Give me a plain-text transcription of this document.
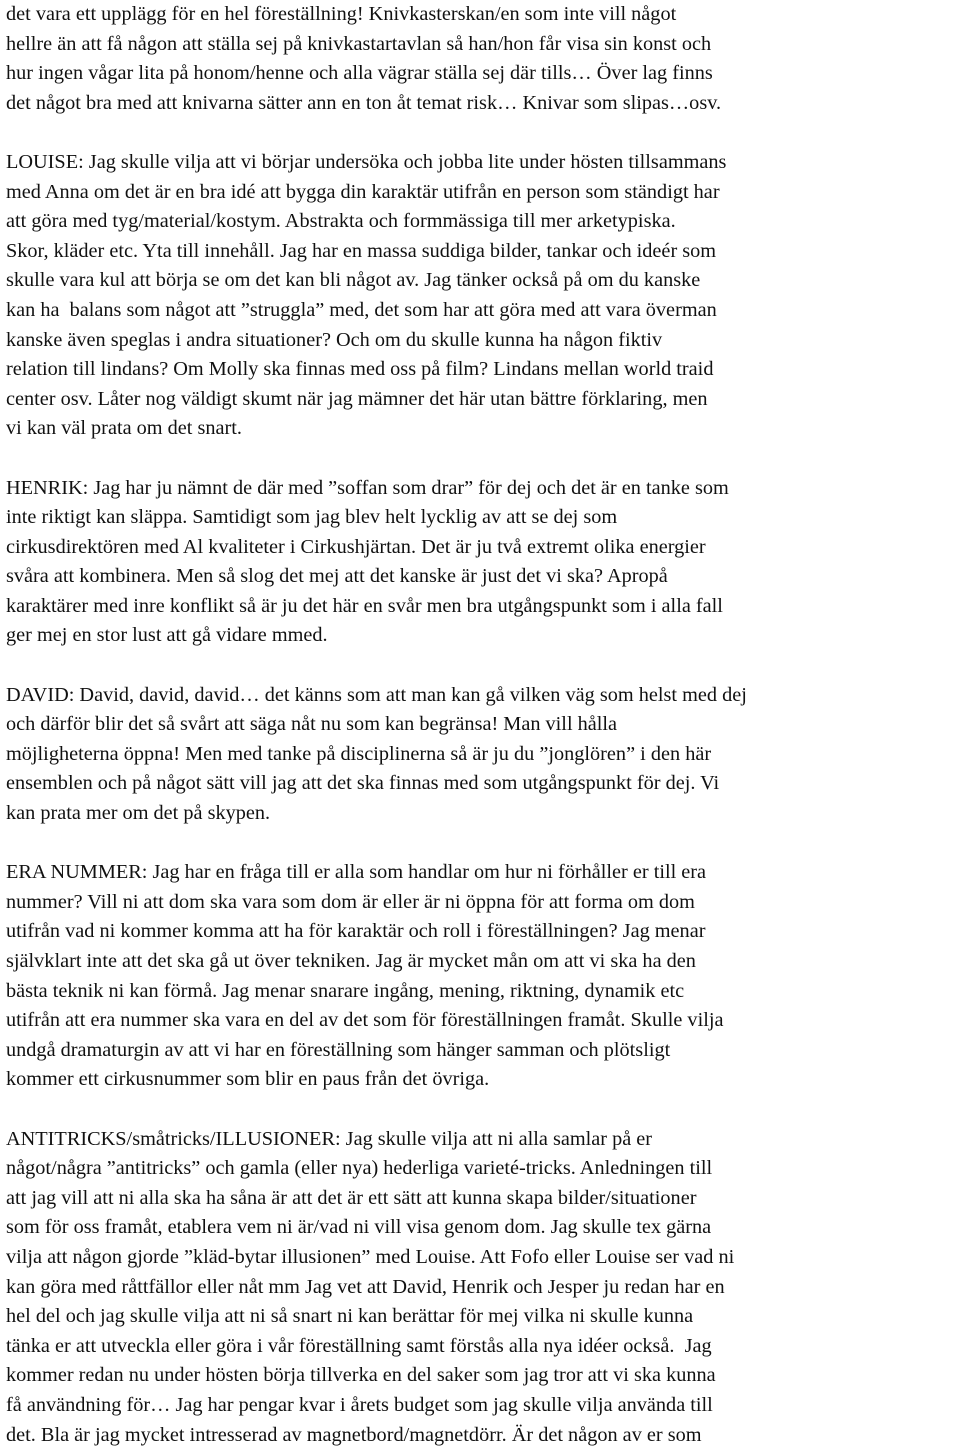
det vara ett upplägg för en hel föreställning! Knivkasterskan/en som inte vill något
hellre än att få någon att ställa sej på knivkastartavlan så han/hon får visa sin konst och
hur ingen vågar lita på honom/henne och alla vägrar ställa sej där tills… Över lag finns
det något bra med att knivarna sätter ann en ton åt temat risk… Knivar som slipas…osv.
LOUISE: Jag skulle vilja att vi börjar undersöka och jobba lite under hösten tillsammans
med Anna om det är en bra idé att bygga din karaktär utifrån en person som ständigt har
att göra med tyg/material/kostym. Abstrakta och formmässiga till mer arketypiska.
Skor, kläder etc. Yta till innehåll. Jag har en massa suddiga bilder, tankar och ideér som
skulle vara kul att börja se om det kan bli något av. Jag tänker också på om du kanske
kan ha  balans som något att ”struggla” med, det som har att göra med att vara överman
kanske även speglas i andra situationer? Och om du skulle kunna ha någon fiktiv
relation till lindans? Om Molly ska finnas med oss på film? Lindans mellan world traid
center osv. Låter nog väldigt skumt när jag mämner det här utan bättre förklaring, men
vi kan väl prata om det snart.
HENRIK: Jag har ju nämnt de där med ”soffan som drar” för dej och det är en tanke som
inte riktigt kan släppa. Samtidigt som jag blev helt lycklig av att se dej som
cirkusdirektören med Al kvaliteter i Cirkushjärtan. Det är ju två extremt olika energier
svåra att kombinera. Men så slog det mej att det kanske är just det vi ska? Apropå
karaktärer med inre konflikt så är ju det här en svår men bra utgångspunkt som i alla fall
ger mej en stor lust att gå vidare mmed.
DAVID: David, david, david… det känns som att man kan gå vilken väg som helst med dej
och därför blir det så svårt att säga nåt nu som kan begränsa! Man vill hålla
möjligheterna öppna! Men med tanke på disciplinerna så är ju du ”jonglören” i den här
ensemblen och på något sätt vill jag att det ska finnas med som utgångspunkt för dej. Vi
kan prata mer om det på skypen.
ERA NUMMER: Jag har en fråga till er alla som handlar om hur ni förhåller er till era
nummer? Vill ni att dom ska vara som dom är eller är ni öppna för att forma om dom
utifrån vad ni kommer komma att ha för karaktär och roll i föreställningen? Jag menar
självklart inte att det ska gå ut över tekniken. Jag är mycket mån om att vi ska ha den
bästa teknik ni kan förmå. Jag menar snarare ingång, mening, riktning, dynamik etc
utifrån att era nummer ska vara en del av det som för föreställningen framåt. Skulle vilja
undgå dramaturgin av att vi har en föreställning som hänger samman och plötsligt
kommer ett cirkusnummer som blir en paus från det övriga.
ANTITRICKS/småtricks/ILLUSIONER: Jag skulle vilja att ni alla samlar på er
något/några ”antitricks” och gamla (eller nya) hederliga varieté-tricks. Anledningen till
att jag vill att ni alla ska ha såna är att det är ett sätt att kunna skapa bilder/situationer
som för oss framåt, etablera vem ni är/vad ni vill visa genom dom. Jag skulle tex gärna
vilja att någon gjorde ”kläd-bytar illusionen” med Louise. Att Fofo eller Louise ser vad ni
kan göra med råttfällor eller nåt mm Jag vet att David, Henrik och Jesper ju redan har en
hel del och jag skulle vilja att ni så snart ni kan berättar för mej vilka ni skulle kunna
tänka er att utveckla eller göra i vår föreställning samt förstås alla nya idéer också.  Jag
kommer redan nu under hösten börja tillverka en del saker som jag tror att vi ska kunna
få användning för… Jag har pengar kvar i årets budget som jag skulle vilja använda till
det. Bla är jag mycket intresserad av magnetbord/magnetdörr. Är det någon av er som
